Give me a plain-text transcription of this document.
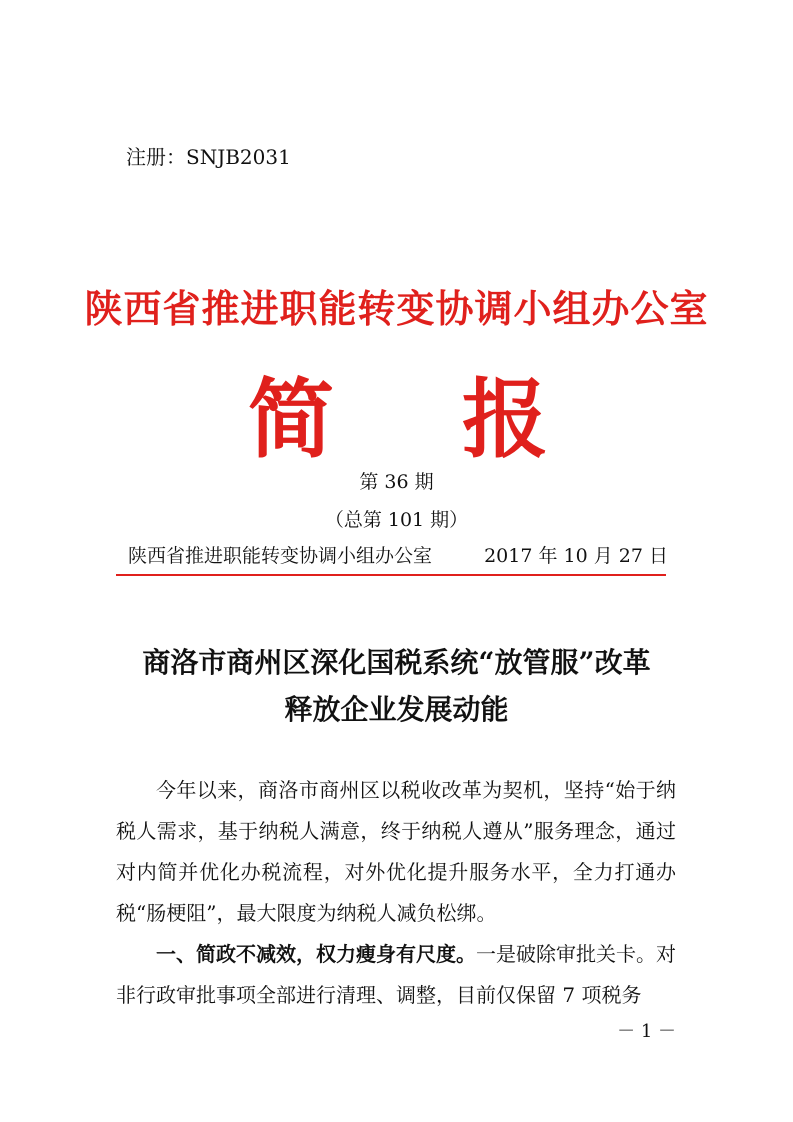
注册：SNJB2031
陕西省推进职能转变协调小组办公室
简 报
第 36 期
（总第 101 期）
陕西省推进职能转变协调小组办公室	2017 年 10 月 27 日
商洛市商州区深化国税系统“放管服”改革
释放企业发展动能

今年以来，商洛市商州区以税收改革为契机，坚持“始于纳税人需求，基于纳税人满意，终于纳税人遵从”服务理念，通过对内简并优化办税流程，对外优化提升服务水平，全力打通办税“肠梗阻”，最大限度为纳税人减负松绑。

一、简政不减效，权力瘦身有尺度。一是破除审批关卡。对非行政审批事项全部进行清理、调整，目前仅保留 7 项税务

－ 1 －
